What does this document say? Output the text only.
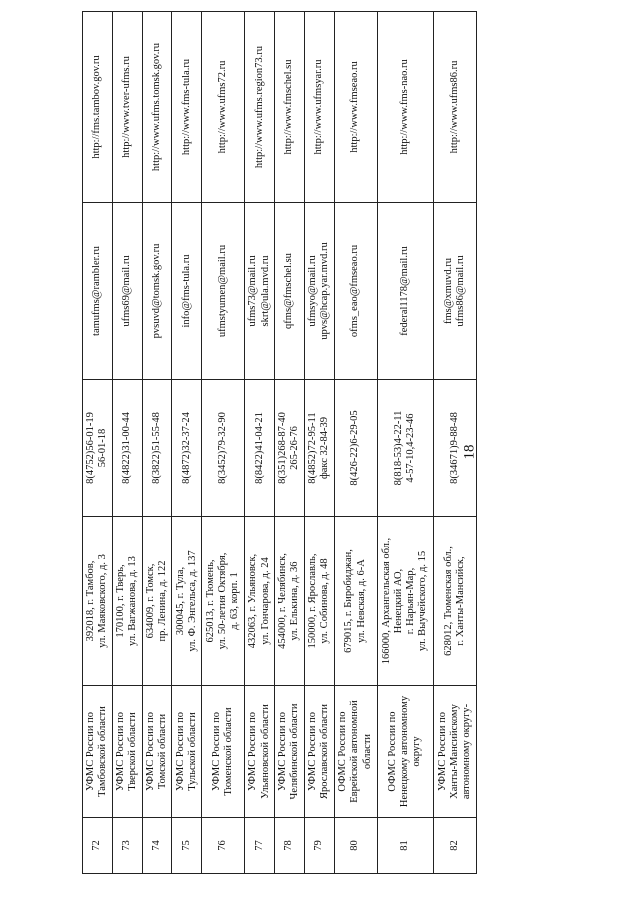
18
72	УФМС России по Тамбовской области	392018, г. Тамбов, ул. Маяковского, д. 3	8(4752)56-01-19 56-01-18	tamufms@rambler.ru	http://fms.tambov.gov.ru

73	УФМС России по Тверской области	170100, г. Тверь, ул. Вагжанова, д. 13	8(4822)31-00-44	ufms69@mail.ru	http://www.tver-ufms.ru

74	УФМС России по Томской области	634009, г. Томск, пр. Ленина, д. 122	8(3822)51-55-48	pvsuvd@tomsk.gov.ru	http://www.ufms.tomsk.gov.ru

75	УФМС России по Тульской области	300045, г. Тула, ул. Ф. Энгельса, д. 137	8(4872)32-37-24	info@fms-tula.ru	http://www.fms-tula.ru

76	УФМС России по Тюменской области	625013, г. Тюмень, ул. 50-летия Октября, д. 63, корп. 1	8(3452)79-32-90	ufmstyumen@mail.ru	http://www.ufms72.ru

77	УФМС России по Ульяновской области	432063, г. Ульяновск, ул. Гончарова, д. 24	8(8422)41-04-21	ufms73@mail.ru skrt@ula.mvd.ru	http://www.ufms.region73.ru

78	УФМС России по Челябинской области	454000, г. Челябинск, ул. Елькина, д. 36	8(351)268-87-40 265-26-76	qfms@fmschel.su	http://www.fmschel.su

79	УФМС России по Ярославской области	150000, г. Ярославль, ул. Собинова, д. 48	8(4852)72-95-11 факс 32-84-39	ufmsyo@mail.ru upvs@hcap.yar.mvd.ru	http://www.ufmsyar.ru

80	ОФМС России по Еврейской автономной области	679015, г. Биробиджан, ул. Невская, д. 6-А	8(426-22)6-29-05	ofms_eao@fmseao.ru	http://www.fmseao.ru

81	ОФМС России по Ненецкому автономному округу	166000, Архангельская обл., Ненецкий АО, г. Нарьян-Мар, ул. Выучейского, д. 15	8(818-53)4-22-11 4-57-10,4-23-46	federal1178@mail.ru	http://www.fms-nao.ru

82	УФМС России по Ханты-Мансийскому автономному округу-	628012, Тюменская обл., г. Ханты-Мансийск,	8(34671)9-88-48	fms@xmuvd.ru ufms86@mail.ru	http://www.ufms86.ru
